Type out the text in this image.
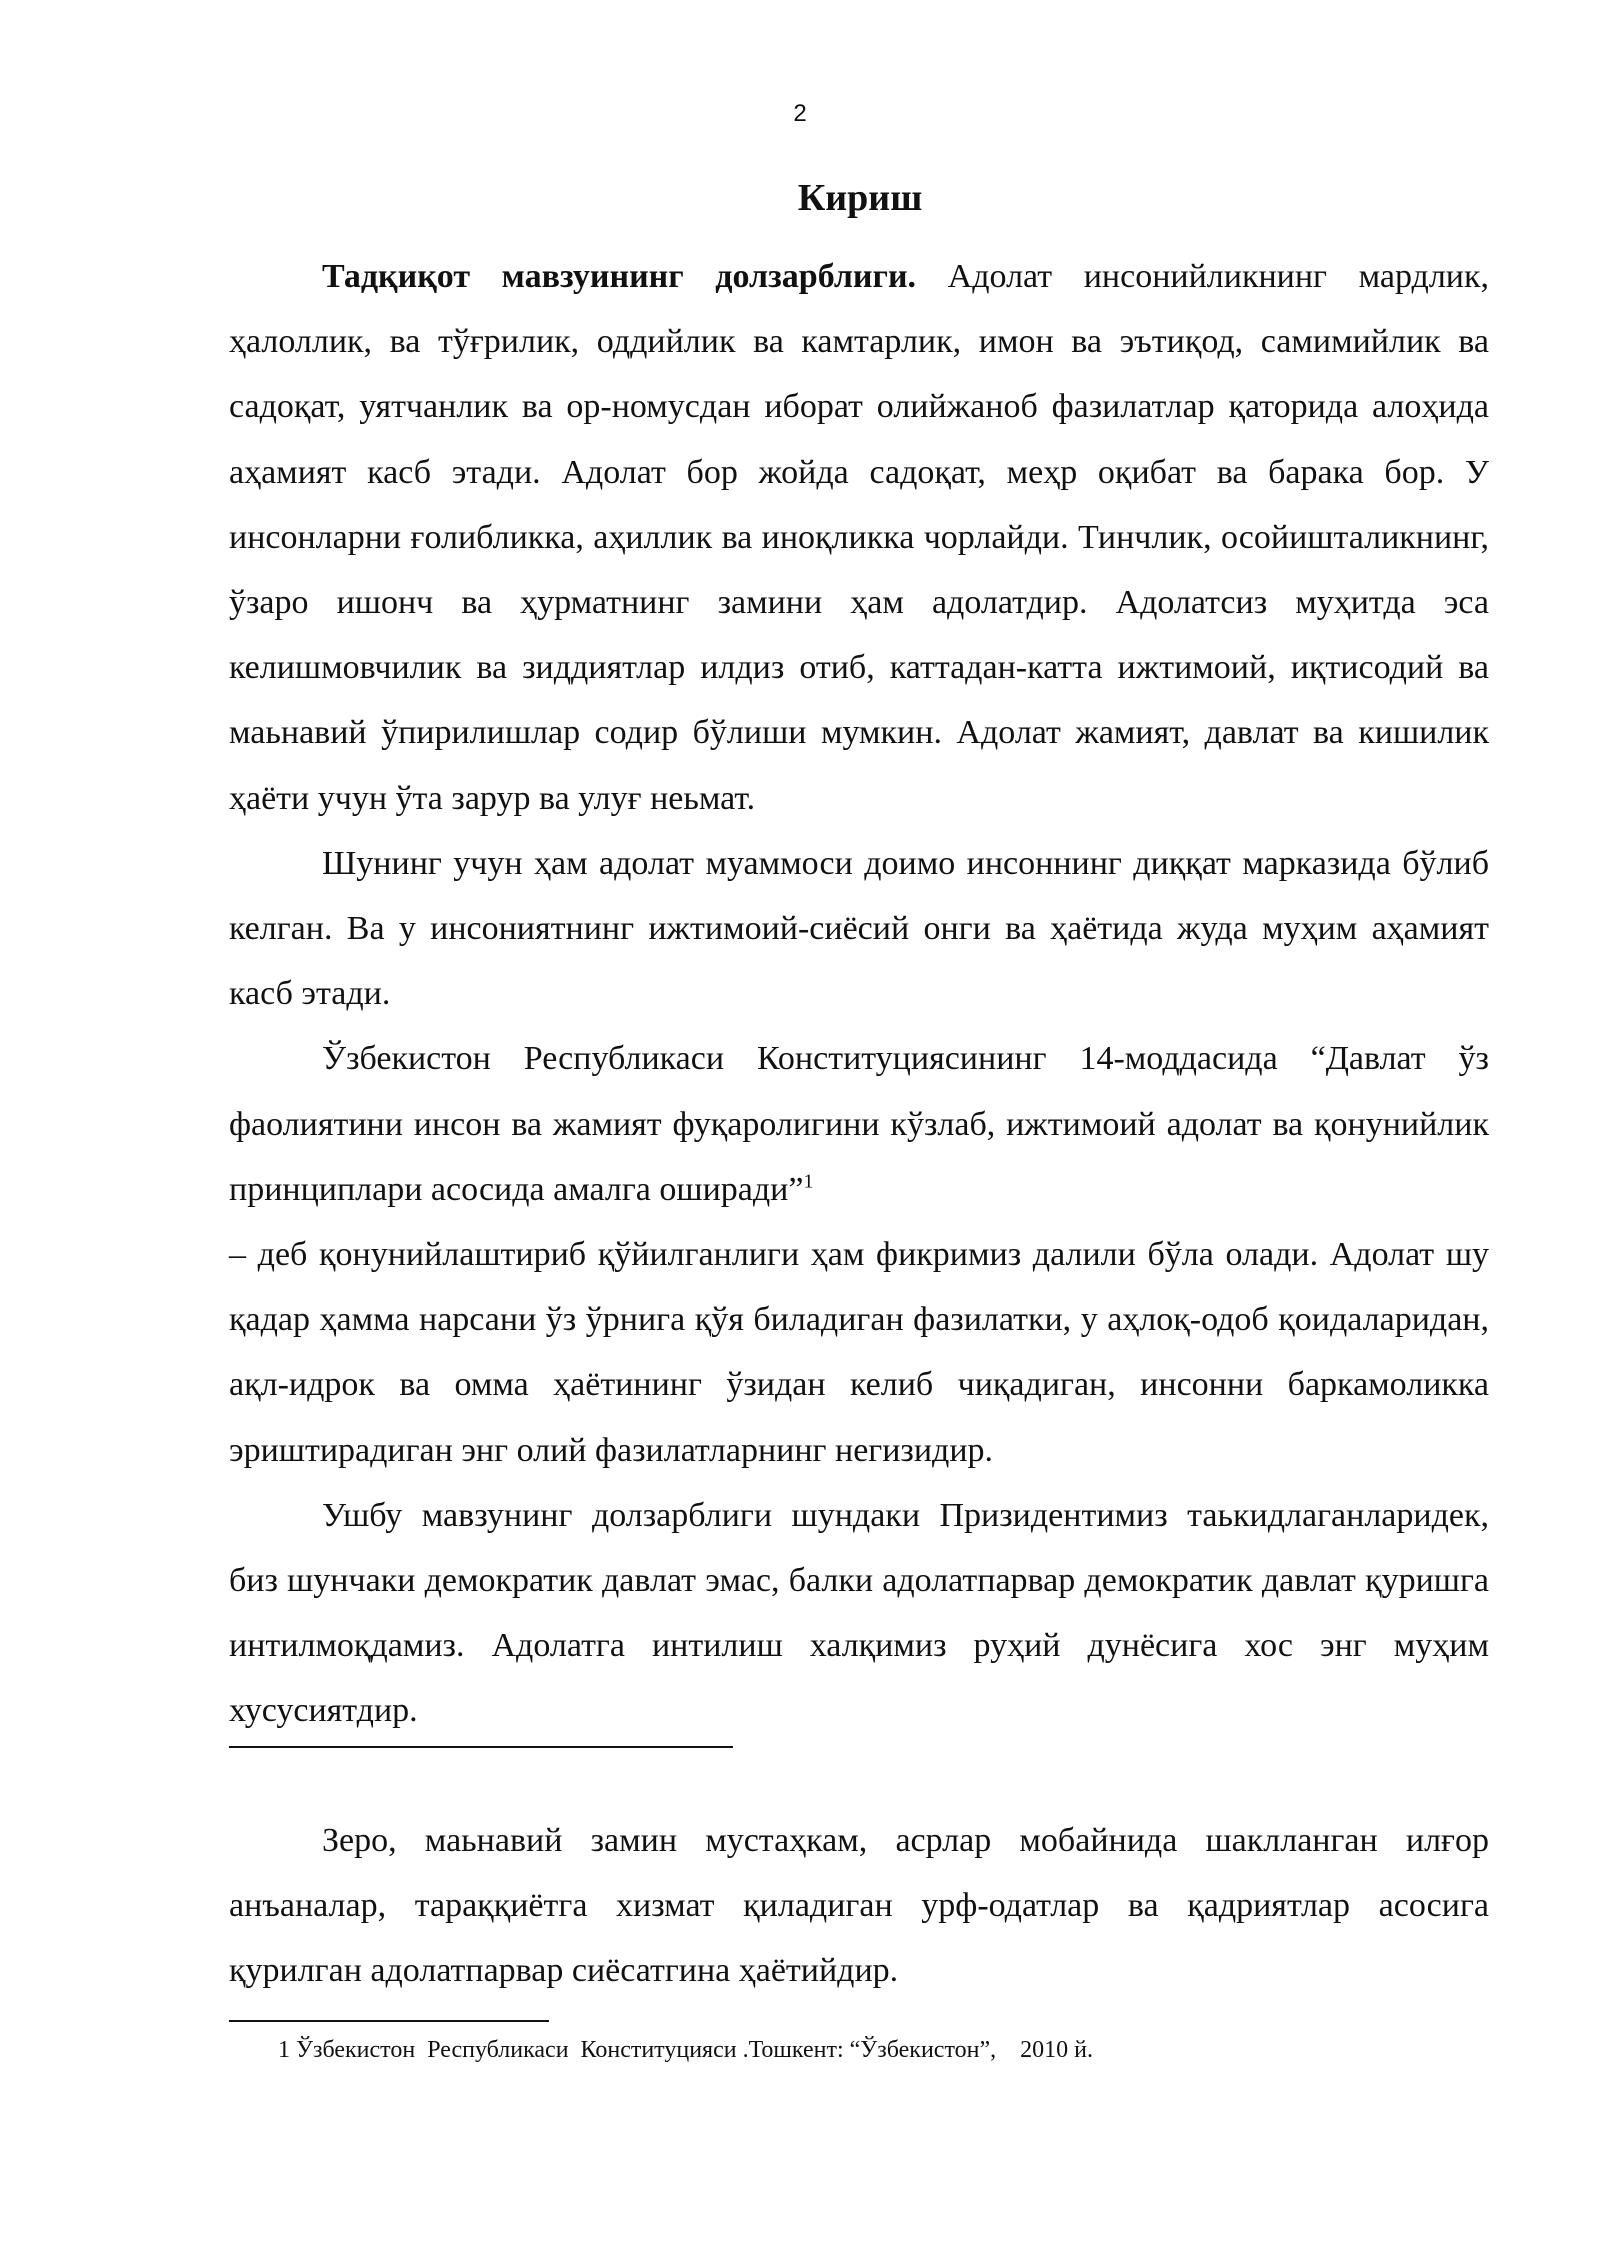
2
Кириш

Тадқиқот мавзуининг долзарблиги. Адолат инсонийликнинг мардлик, ҳалоллик, ва тўғрилик, оддийлик ва камтарлик, имон ва эътиқод, самимийлик ва садоқат, уятчанлик ва ор-номусдан иборат олийжаноб фазилатлар қаторида алоҳида аҳамият касб этади. Адолат бор жойда садоқат, меҳр оқибат ва барака бор. У инсонларни ғолибликка, аҳиллик ва иноқликка чорлайди. Тинчлик, осойишталикнинг, ўзаро ишонч ва ҳурматнинг замини ҳам адолатдир. Адолатсиз муҳитда эса келишмовчилик ва зиддиятлар илдиз отиб, каттадан-катта ижтимоий, иқтисодий ва маьнавий ўпирилишлар содир бўлиши мумкин. Адолат жамият, давлат ва кишилик ҳаёти учун ўта зарур ва улуғ неьмат.

Шунинг учун ҳам адолат муаммоси доимо инсоннинг диққат марказида бўлиб келган. Ва у инсониятнинг ижтимоий-сиёсий онги ва ҳаётида жуда муҳим аҳамият касб этади.

Ўзбекистон Республикаси Конституциясининг 14-моддасида “Давлат ўз фаолиятини инсон ва жамият фуқаролигини кўзлаб, ижтимоий адолат ва қонунийлик принциплари асосида амалга оширади”$^1$

– деб қонунийлаштириб қўйилганлиги ҳам фикримиз далили бўла олади. Адолат шу қадар ҳамма нарсани ўз ўрнига қўя биладиган фазилатки, у аҳлоқ-одоб қоидаларидан, ақл-идрок ва омма ҳаётининг ўзидан келиб чиқадиган, инсонни баркамоликка эриштирадиган энг олий фазилатларнинг негизидир.

Ушбу мавзунинг долзарблиги шундаки Призидентимиз таькидлаганларидек, биз шунчаки демократик давлат эмас, балки адолатпарвар демократик давлат қуришга интилмоқдамиз. Адолатга интилиш халқимиз руҳий дунёсига хос энг муҳим хусусиятдир.

Зеро, маьнавий замин мустаҳкам, асрлар мобайнида шаклланган илғор анъаналар, тараққиётга хизмат қиладиган урф-одатлар ва қадриятлар асосига қурилган адолатпарвар сиёсатгина ҳаётийдир.

1 Ўзбекистон  Республикаси  Конституцияси .Тошкент: “Ўзбекистон”,    2010 й.
